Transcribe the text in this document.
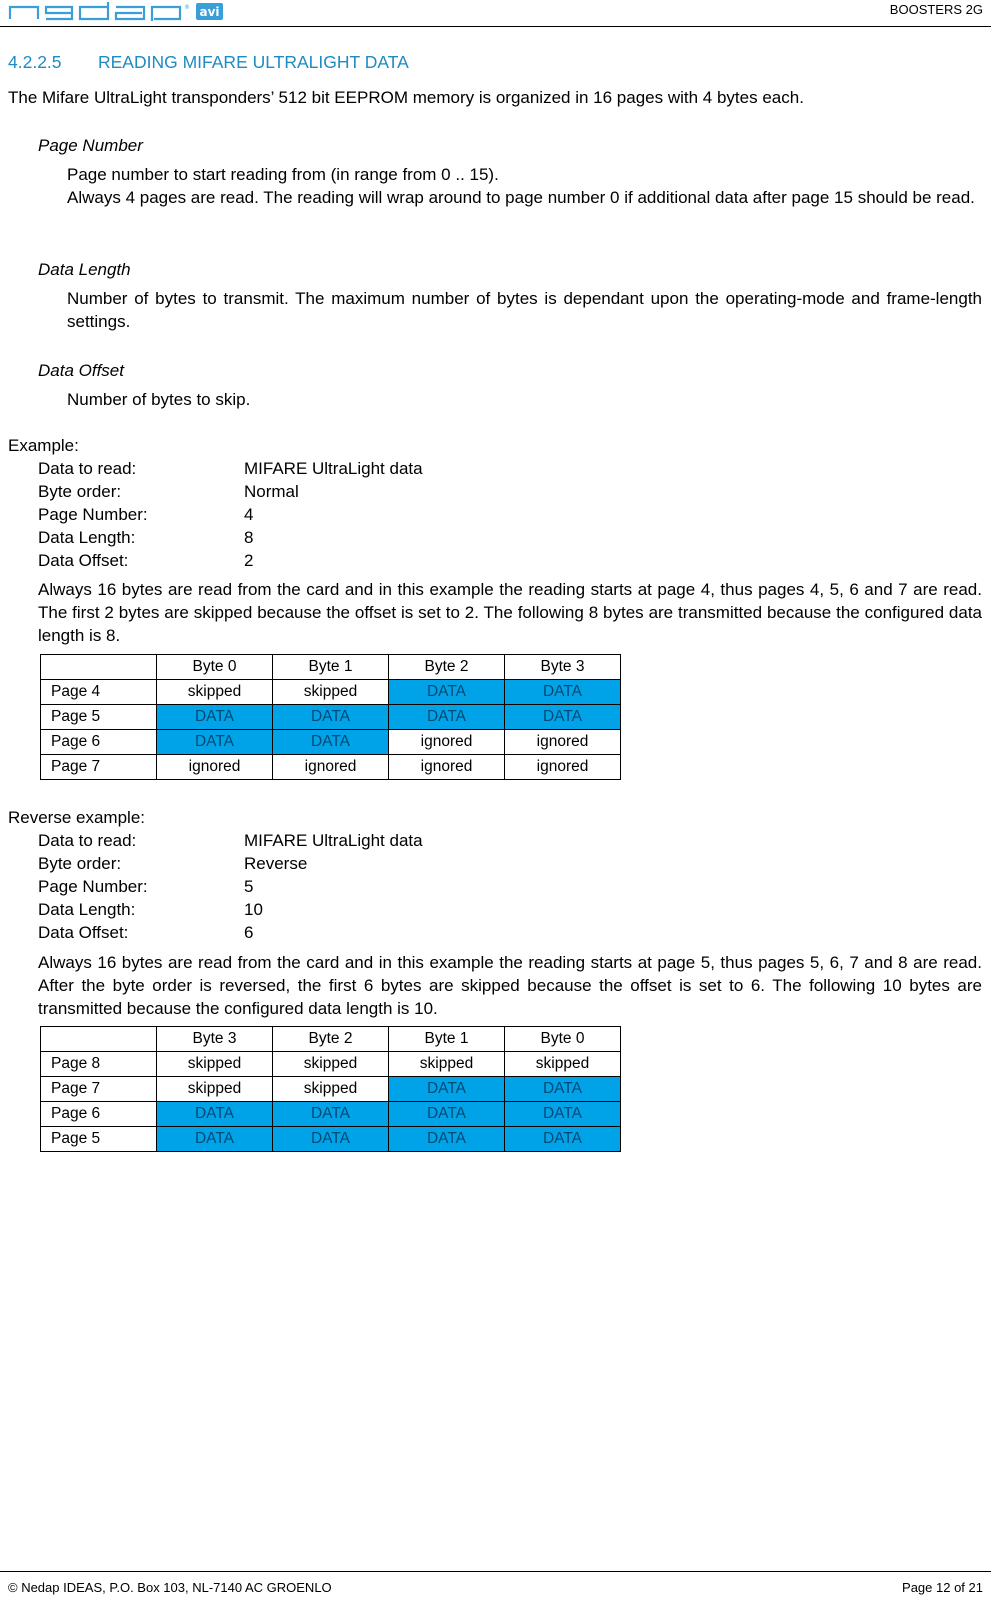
® avi	BOOSTERS 2G
4.2.2.5 READING MIFARE ULTRALIGHT DATA
The Mifare UltraLight transponders’ 512 bit EEPROM memory is organized in 16 pages with 4 bytes each.
Page Number
Page number to start reading from (in range from 0 .. 15).
Always 4 pages are read. The reading will wrap around to page number 0 if additional data after page 15 should be read.
Data Length
Number of bytes to transmit. The maximum number of bytes is dependant upon the operating-mode and frame-length settings.
Data Offset
Number of bytes to skip.
Example:
Data to read:	MIFARE UltraLight data
Byte order:	Normal
Page Number:	4
Data Length:	8
Data Offset:	2
Always 16 bytes are read from the card and in this example the reading starts at page 4, thus pages 4, 5, 6 and 7 are read. The first 2 bytes are skipped because the offset is set to 2. The following 8 bytes are transmitted because the configured data length is 8.
	Byte 0	Byte 1	Byte 2	Byte 3
Page 4	skipped	skipped	DATA	DATA
Page 5	DATA	DATA	DATA	DATA
Page 6	DATA	DATA	ignored	ignored
Page 7	ignored	ignored	ignored	ignored
Reverse example:
Data to read:	MIFARE UltraLight data
Byte order:	Reverse
Page Number:	5
Data Length:	10
Data Offset:	6
Always 16 bytes are read from the card and in this example the reading starts at page 5, thus pages 5, 6, 7 and 8 are read. After the byte order is reversed, the first 6 bytes are skipped because the offset is set to 6. The following 10 bytes are transmitted because the configured data length is 10.
	Byte 3	Byte 2	Byte 1	Byte 0
Page 8	skipped	skipped	skipped	skipped
Page 7	skipped	skipped	DATA	DATA
Page 6	DATA	DATA	DATA	DATA
Page 5	DATA	DATA	DATA	DATA
© Nedap IDEAS, P.O. Box 103, NL-7140 AC GROENLO	Page 12 of 21
